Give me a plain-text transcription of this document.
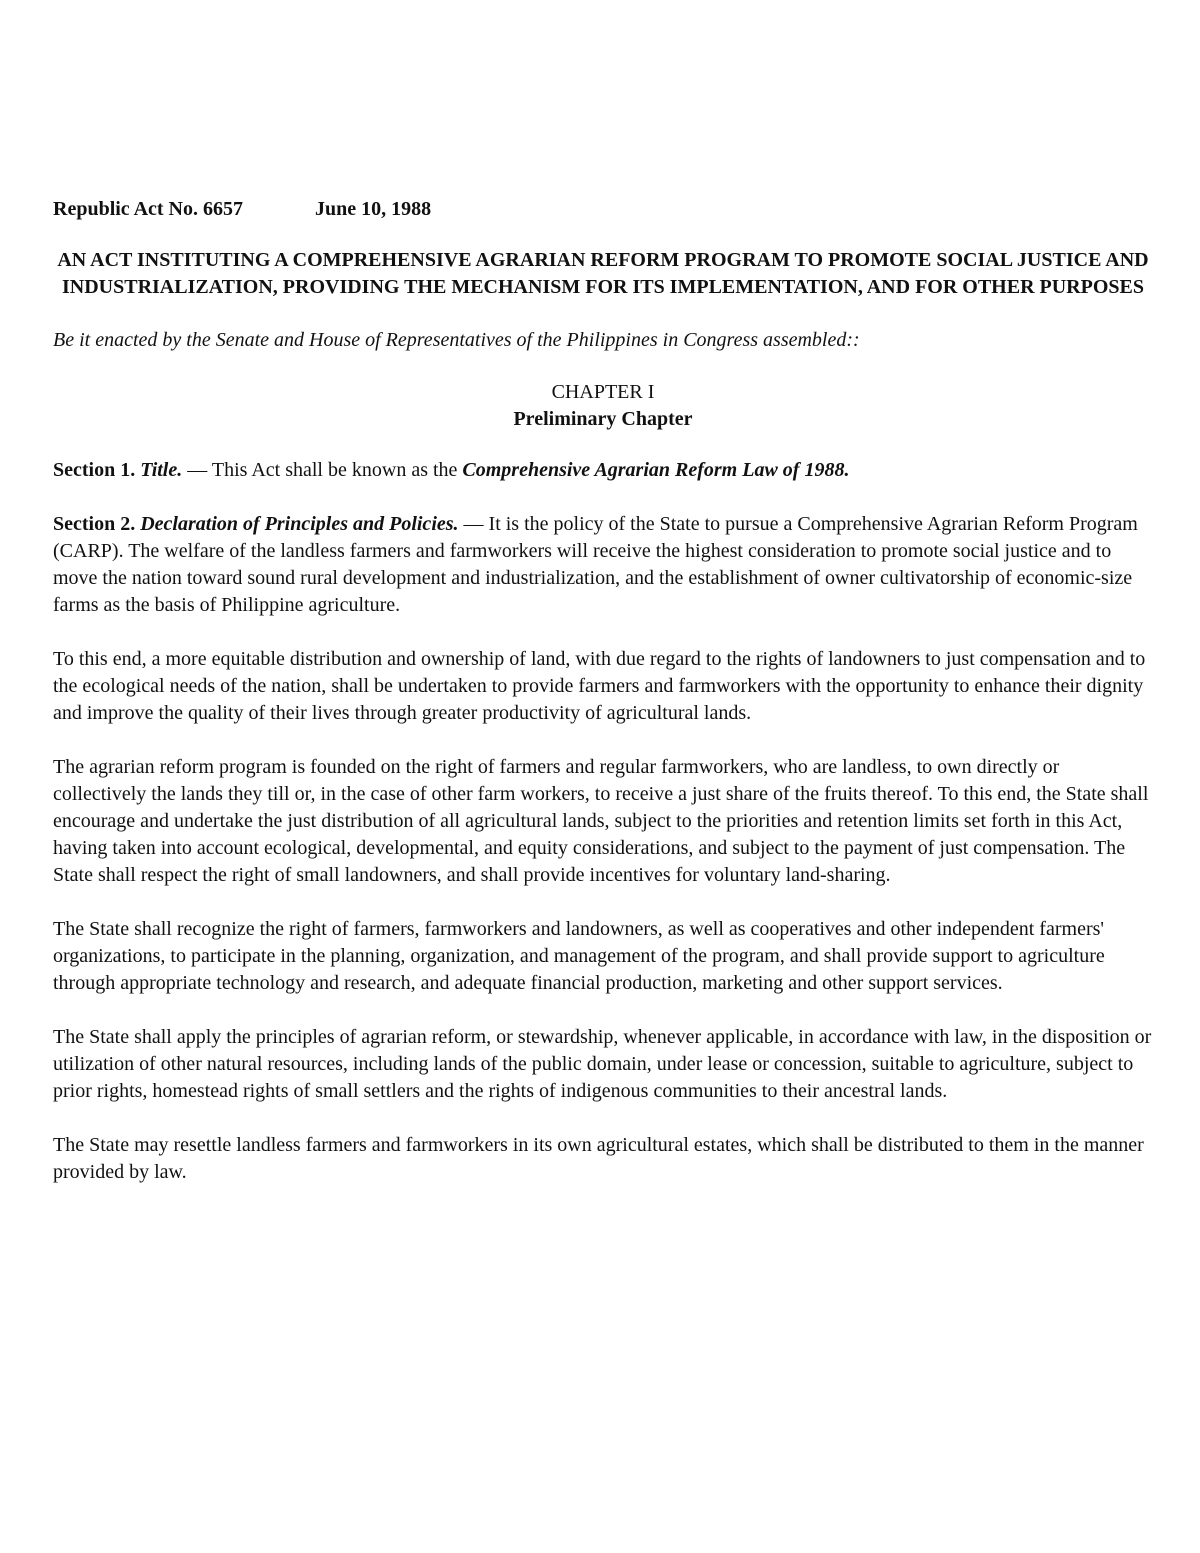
Republic Act No. 6657	June 10, 1988
AN ACT INSTITUTING A COMPREHENSIVE AGRARIAN REFORM PROGRAM TO PROMOTE SOCIAL JUSTICE AND INDUSTRIALIZATION, PROVIDING THE MECHANISM FOR ITS IMPLEMENTATION, AND FOR OTHER PURPOSES
Be it enacted by the Senate and House of Representatives of the Philippines in Congress assembled::
CHAPTER I
Preliminary Chapter

Section 1. Title. — This Act shall be known as the Comprehensive Agrarian Reform Law of 1988.

Section 2. Declaration of Principles and Policies. — It is the policy of the State to pursue a Comprehensive Agrarian Reform Program (CARP). The welfare of the landless farmers and farmworkers will receive the highest consideration to promote social justice and to move the nation toward sound rural development and industrialization, and the establishment of owner cultivatorship of economic-size farms as the basis of Philippine agriculture.

To this end, a more equitable distribution and ownership of land, with due regard to the rights of landowners to just compensation and to the ecological needs of the nation, shall be undertaken to provide farmers and farmworkers with the opportunity to enhance their dignity and improve the quality of their lives through greater productivity of agricultural lands.

The agrarian reform program is founded on the right of farmers and regular farmworkers, who are landless, to own directly or collectively the lands they till or, in the case of other farm workers, to receive a just share of the fruits thereof. To this end, the State shall encourage and undertake the just distribution of all agricultural lands, subject to the priorities and retention limits set forth in this Act, having taken into account ecological, developmental, and equity considerations, and subject to the payment of just compensation. The State shall respect the right of small landowners, and shall provide incentives for voluntary land-sharing.

The State shall recognize the right of farmers, farmworkers and landowners, as well as cooperatives and other independent farmers' organizations, to participate in the planning, organization, and management of the program, and shall provide support to agriculture through appropriate technology and research, and adequate financial production, marketing and other support services.

The State shall apply the principles of agrarian reform, or stewardship, whenever applicable, in accordance with law, in the disposition or utilization of other natural resources, including lands of the public domain, under lease or concession, suitable to agriculture, subject to prior rights, homestead rights of small settlers and the rights of indigenous communities to their ancestral lands.

The State may resettle landless farmers and farmworkers in its own agricultural estates, which shall be distributed to them in the manner provided by law.
